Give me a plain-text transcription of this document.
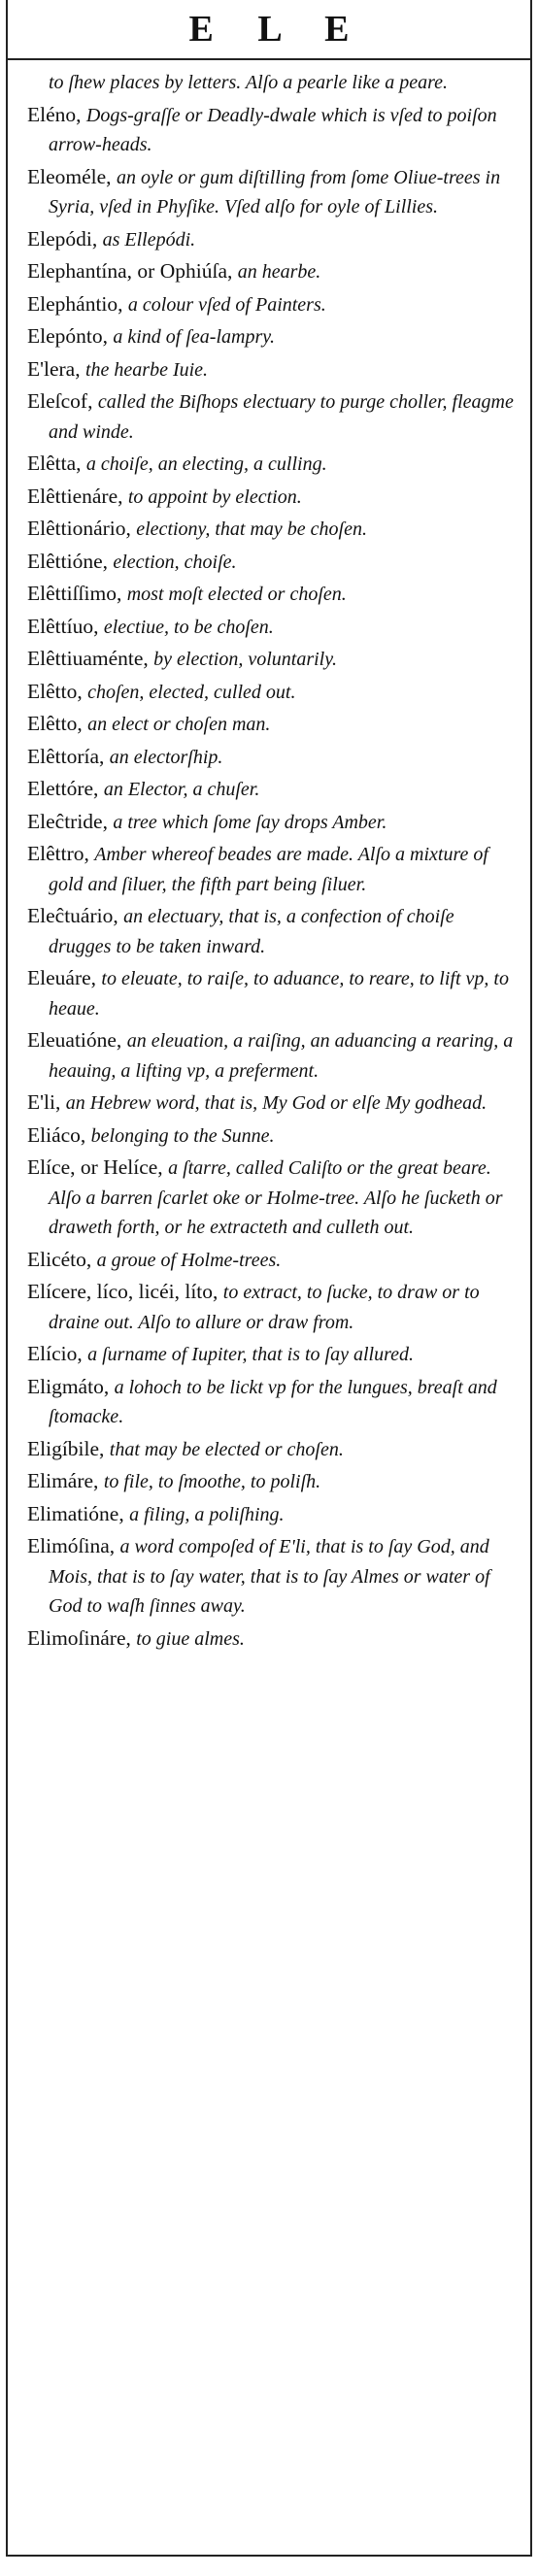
E L E

to ſhew places by letters. Alſo a pearle like a peare.

Eléno, Dogs-graſſe or Deadly-dwale which is vſed to poiſon arrow-heads.

Eleoméle, an oyle or gum diſtilling from ſome Oliue-trees in Syria, vſed in Phyſike. Vſed alſo for oyle of Lillies.

Elepódi, as Ellepódi.

Elephantína, or Ophiúſa, an hearbe.

Elephántio, a colour vſed of Painters.

Elepónto, a kind of ſea-lampry.

E'lera, the hearbe Iuie.

Eleſcof, called the Biſhops electuary to purge choller, fleagme and winde.

Elêtta, a choiſe, an electing, a culling.

Elêttienáre, to appoint by election.

Elêttionário, electiony, that may be choſen.

Elêttióne, election, choiſe.

Elêttiſſimo, most moſt elected or choſen.

Elêttíuo, electiue, to be choſen.

Elêttiuaménte, by election, voluntarily.

Elêtto, choſen, elected, culled out.

Elêtto, an elect or choſen man.

Elêttoría, an electorſhip.

Elettóre, an Elector, a chuſer.

Eleĉtride, a tree which ſome ſay drops Amber.

Elêttro, Amber whereof beades are made. Alſo a mixture of gold and ſiluer, the fifth part being ſiluer.

Eleĉtuário, an electuary, that is, a confection of choiſe drugges to be taken inward.

Eleuáre, to eleuate, to raiſe, to aduance, to reare, to lift vp, to heaue.

Eleuatióne, an eleuation, a raiſing, an aduancing a rearing, a heauing, a lifting vp, a preferment.

E'li, an Hebrew word, that is, My God or elſe My godhead.

Eliáco, belonging to the Sunne.

Elíce, or Helíce, a ſtarre, called Caliſto or the great beare. Alſo a barren ſcarlet oke or Holme-tree. Alſo he ſucketh or draweth forth, or he extracteth and culleth out.

Elicéto, a groue of Holme-trees.

Elícere, líco, licéi, líto, to extract, to ſucke, to draw or to draine out. Alſo to allure or draw from.

Elício, a ſurname of Iupiter, that is to ſay allured.

Eligmáto, a lohoch to be lickt vp for the lungues, breaſt and ſtomacke.

Eligíbile, that may be elected or choſen.

Elimáre, to file, to ſmoothe, to poliſh.

Elimatióne, a filing, a poliſhing.

Elimóſina, a word compoſed of E'li, that is to ſay God, and Mois, that is to ſay water, that is to ſay Almes or water of God to waſh ſinnes away.

Elimoſináre, to giue almes.
